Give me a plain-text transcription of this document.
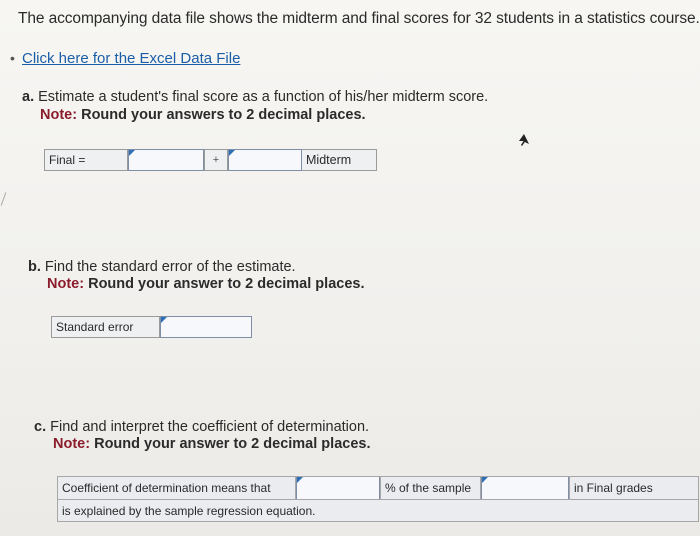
The accompanying data file shows the midterm and final scores for 32 students in a statistics course.
• Click here for the Excel Data File
a. Estimate a student's final score as a function of his/her midterm score.
Note: Round your answers to 2 decimal places.
Final =	+	Midterm
b. Find the standard error of the estimate.
Note: Round your answer to 2 decimal places.
Standard error
c. Find and interpret the coefficient of determination.
Note: Round your answer to 2 decimal places.
Coefficient of determination means that	% of the sample	in Final grades
is explained by the sample regression equation.
